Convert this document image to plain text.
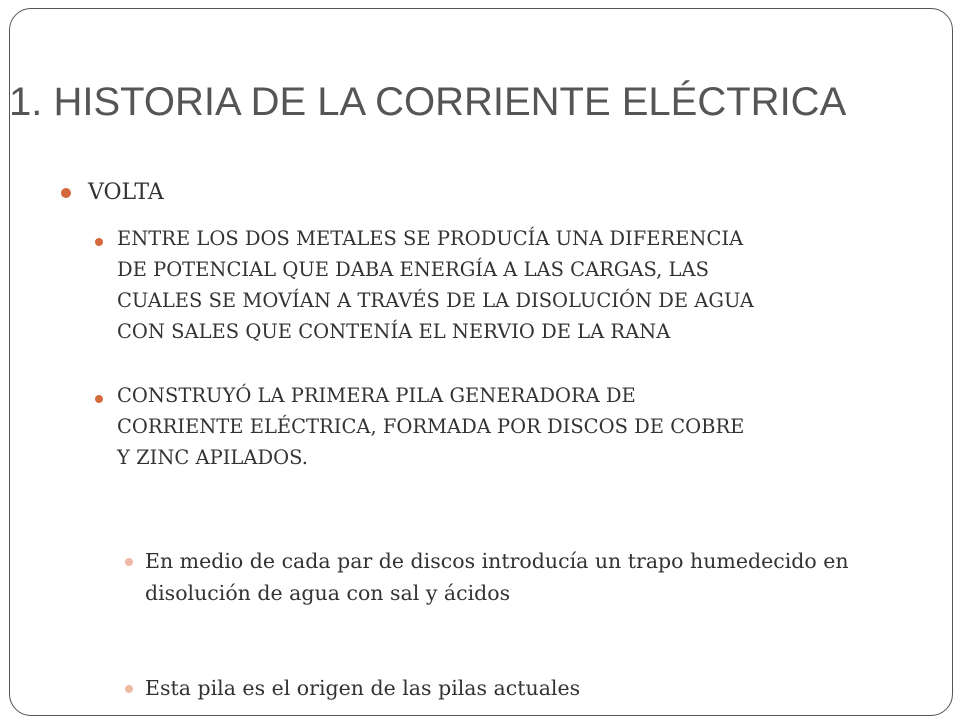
1. HISTORIA DE LA CORRIENTE ELÉCTRICA

VOLTA

ENTRE LOS DOS METALES SE PRODUCÍA UNA DIFERENCIA
DE POTENCIAL QUE DABA ENERGÍA A LAS CARGAS, LAS
CUALES SE MOVÍAN A TRAVÉS DE LA DISOLUCIÓN DE AGUA
CON SALES QUE CONTENÍA EL NERVIO DE LA RANA

CONSTRUYÓ LA PRIMERA PILA GENERADORA DE
CORRIENTE ELÉCTRICA, FORMADA POR DISCOS DE COBRE
Y ZINC APILADOS.

En medio de cada par de discos introducía un trapo humedecido en
disolución de agua con sal y ácidos

Esta pila es el origen de las pilas actuales
